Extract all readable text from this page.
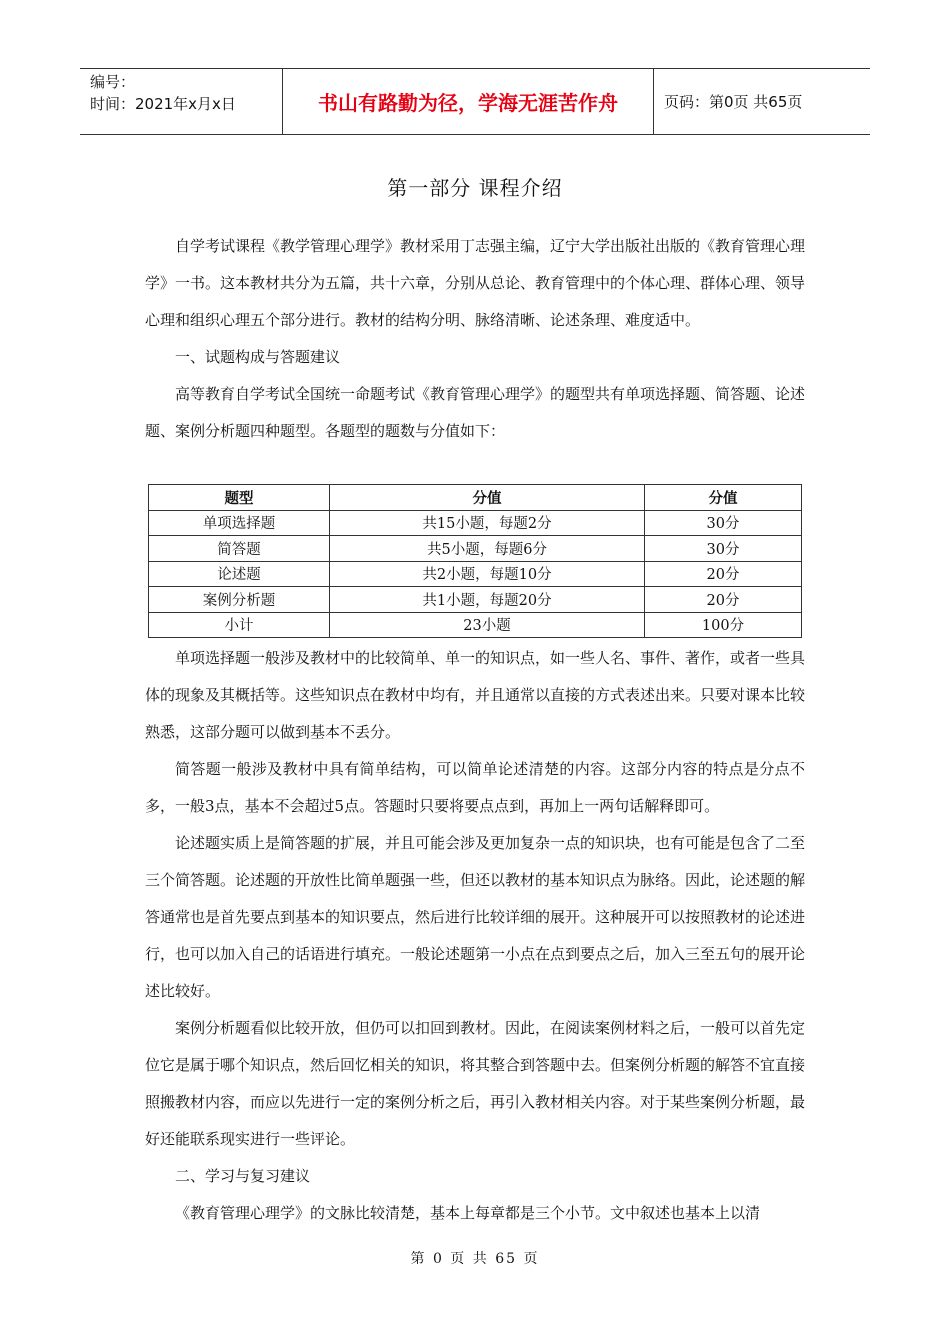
编号：
时间：2021年x月x日	书山有路勤为径，学海无涯苦作舟	页码：第0页 共65页
第一部分 课程介绍

自学考试课程《教学管理心理学》教材采用丁志强主编，辽宁大学出版社出版的《教育管理心理学》一书。这本教材共分为五篇，共十六章，分别从总论、教育管理中的个体心理、群体心理、领导心理和组织心理五个部分进行。教材的结构分明、脉络清晰、论述条理、难度适中。

一、试题构成与答题建议

高等教育自学考试全国统一命题考试《教育管理心理学》的题型共有单项选择题、简答题、论述题、案例分析题四种题型。各题型的题数与分值如下：

题型	分值	分值
单项选择题	共15小题，每题2分	30分
简答题	共5小题，每题6分	30分
论述题	共2小题，每题10分	20分
案例分析题	共1小题，每题20分	20分
小计	23小题	100分

单项选择题一般涉及教材中的比较简单、单一的知识点，如一些人名、事件、著作，或者一些具体的现象及其概括等。这些知识点在教材中均有，并且通常以直接的方式表述出来。只要对课本比较熟悉，这部分题可以做到基本不丢分。

简答题一般涉及教材中具有简单结构，可以简单论述清楚的内容。这部分内容的特点是分点不多，一般3点，基本不会超过5点。答题时只要将要点点到，再加上一两句话解释即可。

论述题实质上是简答题的扩展，并且可能会涉及更加复杂一点的知识块，也有可能是包含了二至三个简答题。论述题的开放性比简单题强一些，但还以教材的基本知识点为脉络。因此，论述题的解答通常也是首先要点到基本的知识要点，然后进行比较详细的展开。这种展开可以按照教材的论述进行，也可以加入自己的话语进行填充。一般论述题第一小点在点到要点之后，加入三至五句的展开论述比较好。

案例分析题看似比较开放，但仍可以扣回到教材。因此，在阅读案例材料之后，一般可以首先定位它是属于哪个知识点，然后回忆相关的知识，将其整合到答题中去。但案例分析题的解答不宜直接照搬教材内容，而应以先进行一定的案例分析之后，再引入教材相关内容。对于某些案例分析题，最好还能联系现实进行一些评论。

二、学习与复习建议

《教育管理心理学》的文脉比较清楚，基本上每章都是三个小节。文中叙述也基本上以清

第 0 页 共 65 页
